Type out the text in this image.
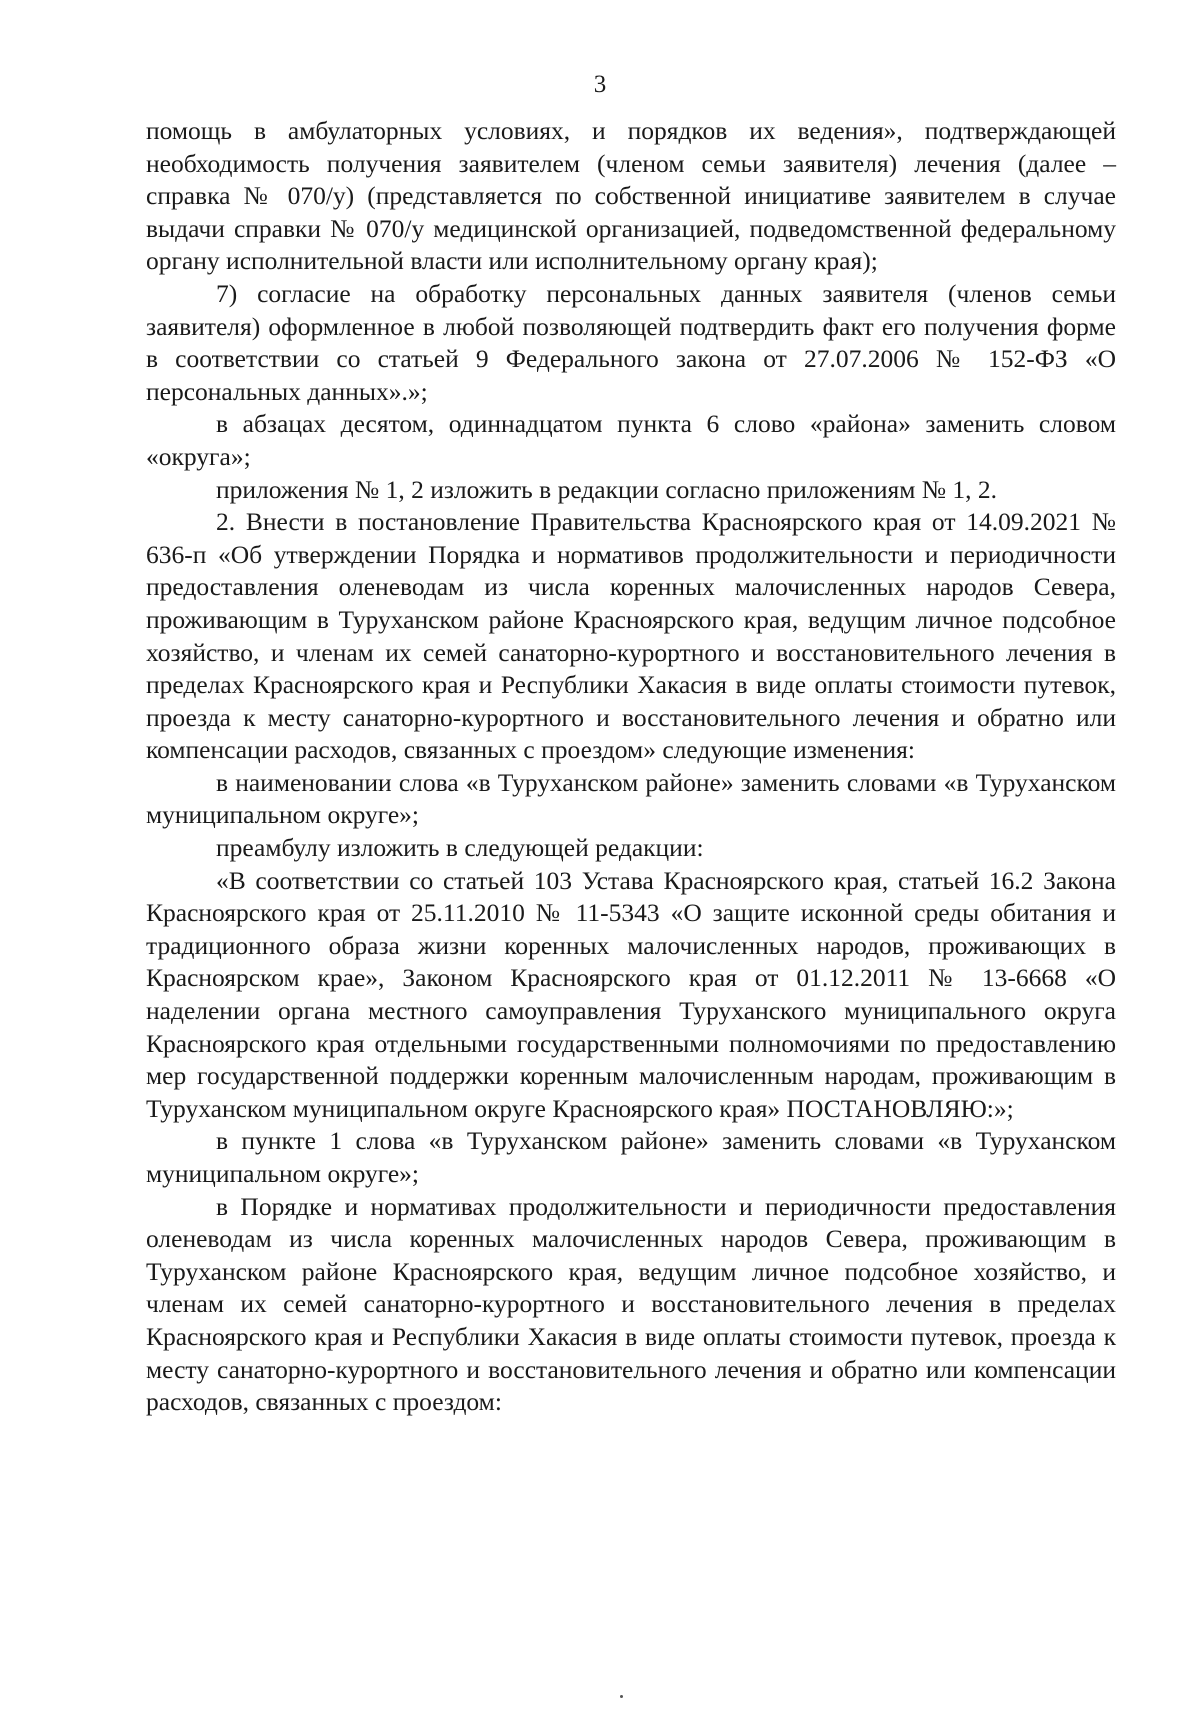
3

помощь в амбулаторных условиях, и порядков их ведения», подтверждающей необходимость получения заявителем (членом семьи заявителя) лечения (далее – справка № 070/у) (представляется по собственной инициативе заявителем в случае выдачи справки № 070/у медицинской организацией, подведомственной федеральному органу исполнительной власти или исполнительному органу края);

7) согласие на обработку персональных данных заявителя (членов семьи заявителя) оформленное в любой позволяющей подтвердить факт его получения форме в соответствии со статьей 9 Федерального закона от 27.07.2006 № 152-ФЗ «О персональных данных».»;

в абзацах десятом, одиннадцатом пункта 6 слово «района» заменить словом «округа»;

приложения № 1, 2 изложить в редакции согласно приложениям № 1, 2.

2. Внести в постановление Правительства Красноярского края от 14.09.2021 № 636-п «Об утверждении Порядка и нормативов продолжительности и периодичности предоставления оленеводам из числа коренных малочисленных народов Севера, проживающим в Туруханском районе Красноярского края, ведущим личное подсобное хозяйство, и членам их семей санаторно-курортного и восстановительного лечения в пределах Красноярского края и Республики Хакасия в виде оплаты стоимости путевок, проезда к месту санаторно-курортного и восстановительного лечения и обратно или компенсации расходов, связанных с проездом» следующие изменения:

в наименовании слова «в Туруханском районе» заменить словами «в Туруханском муниципальном округе»;

преамбулу изложить в следующей редакции:

«В соответствии со статьей 103 Устава Красноярского края, статьей 16.2 Закона Красноярского края от 25.11.2010 № 11-5343 «О защите исконной среды обитания и традиционного образа жизни коренных малочисленных народов, проживающих в Красноярском крае», Законом Красноярского края от 01.12.2011 № 13-6668 «О наделении органа местного самоуправления Туруханского муниципального округа Красноярского края отдельными государственными полномочиями по предоставлению мер государственной поддержки коренным малочисленным народам, проживающим в Туруханском муниципальном округе Красноярского края» ПОСТАНОВЛЯЮ:»;

в пункте 1 слова «в Туруханском районе» заменить словами «в Туруханском муниципальном округе»;

в Порядке и нормативах продолжительности и периодичности предоставления оленеводам из числа коренных малочисленных народов Севера, проживающим в Туруханском районе Красноярского края, ведущим личное подсобное хозяйство, и членам их семей санаторно-курортного и восстановительного лечения в пределах Красноярского края и Республики Хакасия в виде оплаты стоимости путевок, проезда к месту санаторно-курортного и восстановительного лечения и обратно или компенсации расходов, связанных с проездом:
